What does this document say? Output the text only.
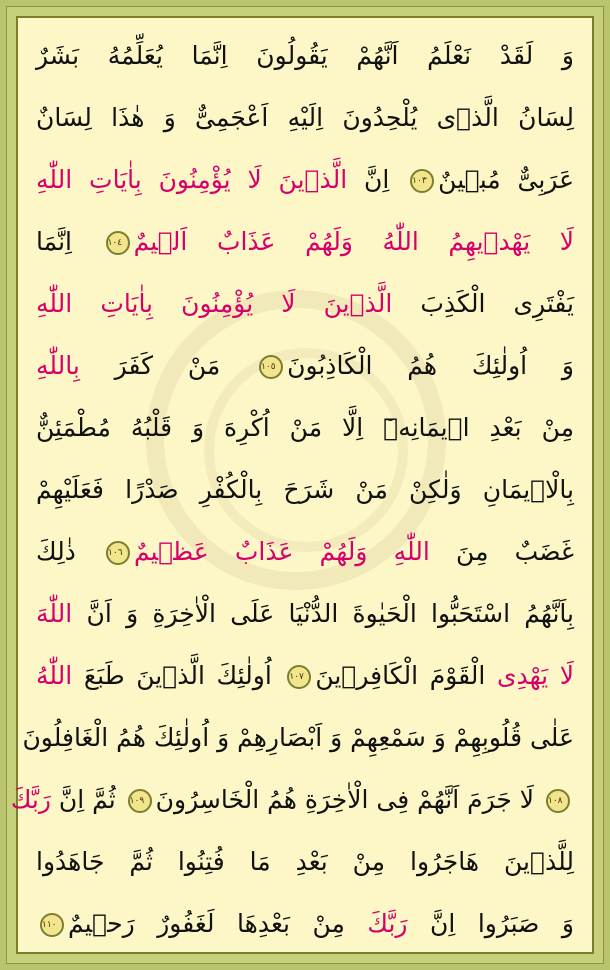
وَ لَقَدْ نَعْلَمُ اَنَّهُمْ يَقُولُونَ اِنَّمَا يُعَلِّمُهُ بَشَرٌ
لِسَانُ الَّذٖى يُلْحِدُونَ اِلَيْهِ اَعْجَمِىٌّ وَ هٰذَا لِسَانٌ
عَرَبِىٌّ مُبٖينٌ١٠٣ اِنَّ الَّذٖينَ لَا يُؤْمِنُونَ بِاٰيَاتِ اللّٰهِ
لَا يَهْدٖيهِمُ اللّٰهُ وَلَهُمْ عَذَابٌ اَلٖيمٌ١٠٤ اِنَّمَا
يَفْتَرِى الْكَذِبَ الَّذٖينَ لَا يُؤْمِنُونَ بِاٰيَاتِ اللّٰهِ
وَ اُولٰئِكَ هُمُ الْكَاذِبُونَ١٠٥ مَنْ كَفَرَ بِاللّٰهِ
مِنْ بَعْدِ اٖيمَانِهٖٓ اِلَّا مَنْ اُكْرِهَ وَ قَلْبُهُ مُطْمَئِنٌّ
بِالْاٖيمَانِ وَلٰكِنْ مَنْ شَرَحَ بِالْكُفْرِ صَدْرًا فَعَلَيْهِمْ
غَضَبٌ مِنَ اللّٰهِ وَلَهُمْ عَذَابٌ عَظٖيمٌ١٠٦ ذٰلِكَ
بِاَنَّهُمُ اسْتَحَبُّوا الْحَيٰوةَ الدُّنْيَا عَلَى الْاٰخِرَةِ وَ اَنَّ اللّٰهَ
لَا يَهْدِى الْقَوْمَ الْكَافِرٖينَ١٠٧ اُولٰئِكَ الَّذٖينَ طَبَعَ اللّٰهُ
عَلٰى قُلُوبِهِمْ وَ سَمْعِهِمْ وَ اَبْصَارِهِمْ وَ اُولٰئِكَ هُمُ الْغَافِلُونَ
١٠٨ لَا جَرَمَ اَنَّهُمْ فِى الْاٰخِرَةِ هُمُ الْخَاسِرُونَ١٠٩ ثُمَّ اِنَّ رَبَّكَ
لِلَّذٖينَ هَاجَرُوا مِنْ بَعْدِ مَا فُتِنُوا ثُمَّ جَاهَدُوا
وَ صَبَرُوا اِنَّ رَبَّكَ مِنْ بَعْدِهَا لَغَفُورٌ رَحٖيمٌ١١٠
